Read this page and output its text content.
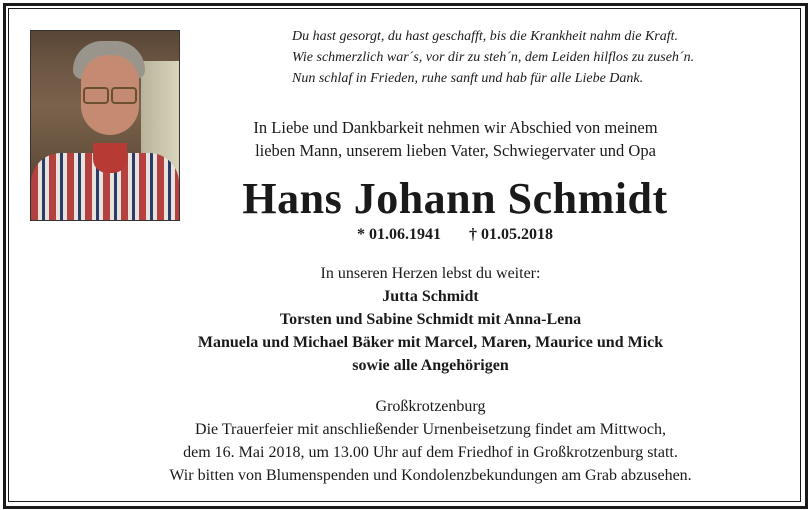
Du hast gesorgt, du hast geschafft, bis die Krankheit nahm die Kraft.
Wie schmerzlich war´s, vor dir zu steh´n, dem Leiden hilflos zu zuseh´n.
Nun schlaf in Frieden, ruhe sanft und hab für alle Liebe Dank.
In Liebe und Dankbarkeit nehmen wir Abschied von meinem
lieben Mann, unserem lieben Vater, Schwiegervater und Opa
Hans Johann Schmidt
* 01.06.1941 † 01.05.2018
In unseren Herzen lebst du weiter:
Jutta Schmidt
Torsten und Sabine Schmidt mit Anna-Lena
Manuela und Michael Bäker mit Marcel, Maren, Maurice und Mick
sowie alle Angehörigen
Großkrotzenburg
Die Trauerfeier mit anschließender Urnenbeisetzung findet am Mittwoch,
dem 16. Mai 2018, um 13.00 Uhr auf dem Friedhof in Großkrotzenburg statt.
Wir bitten von Blumenspenden und Kondolenzbekundungen am Grab abzusehen.
